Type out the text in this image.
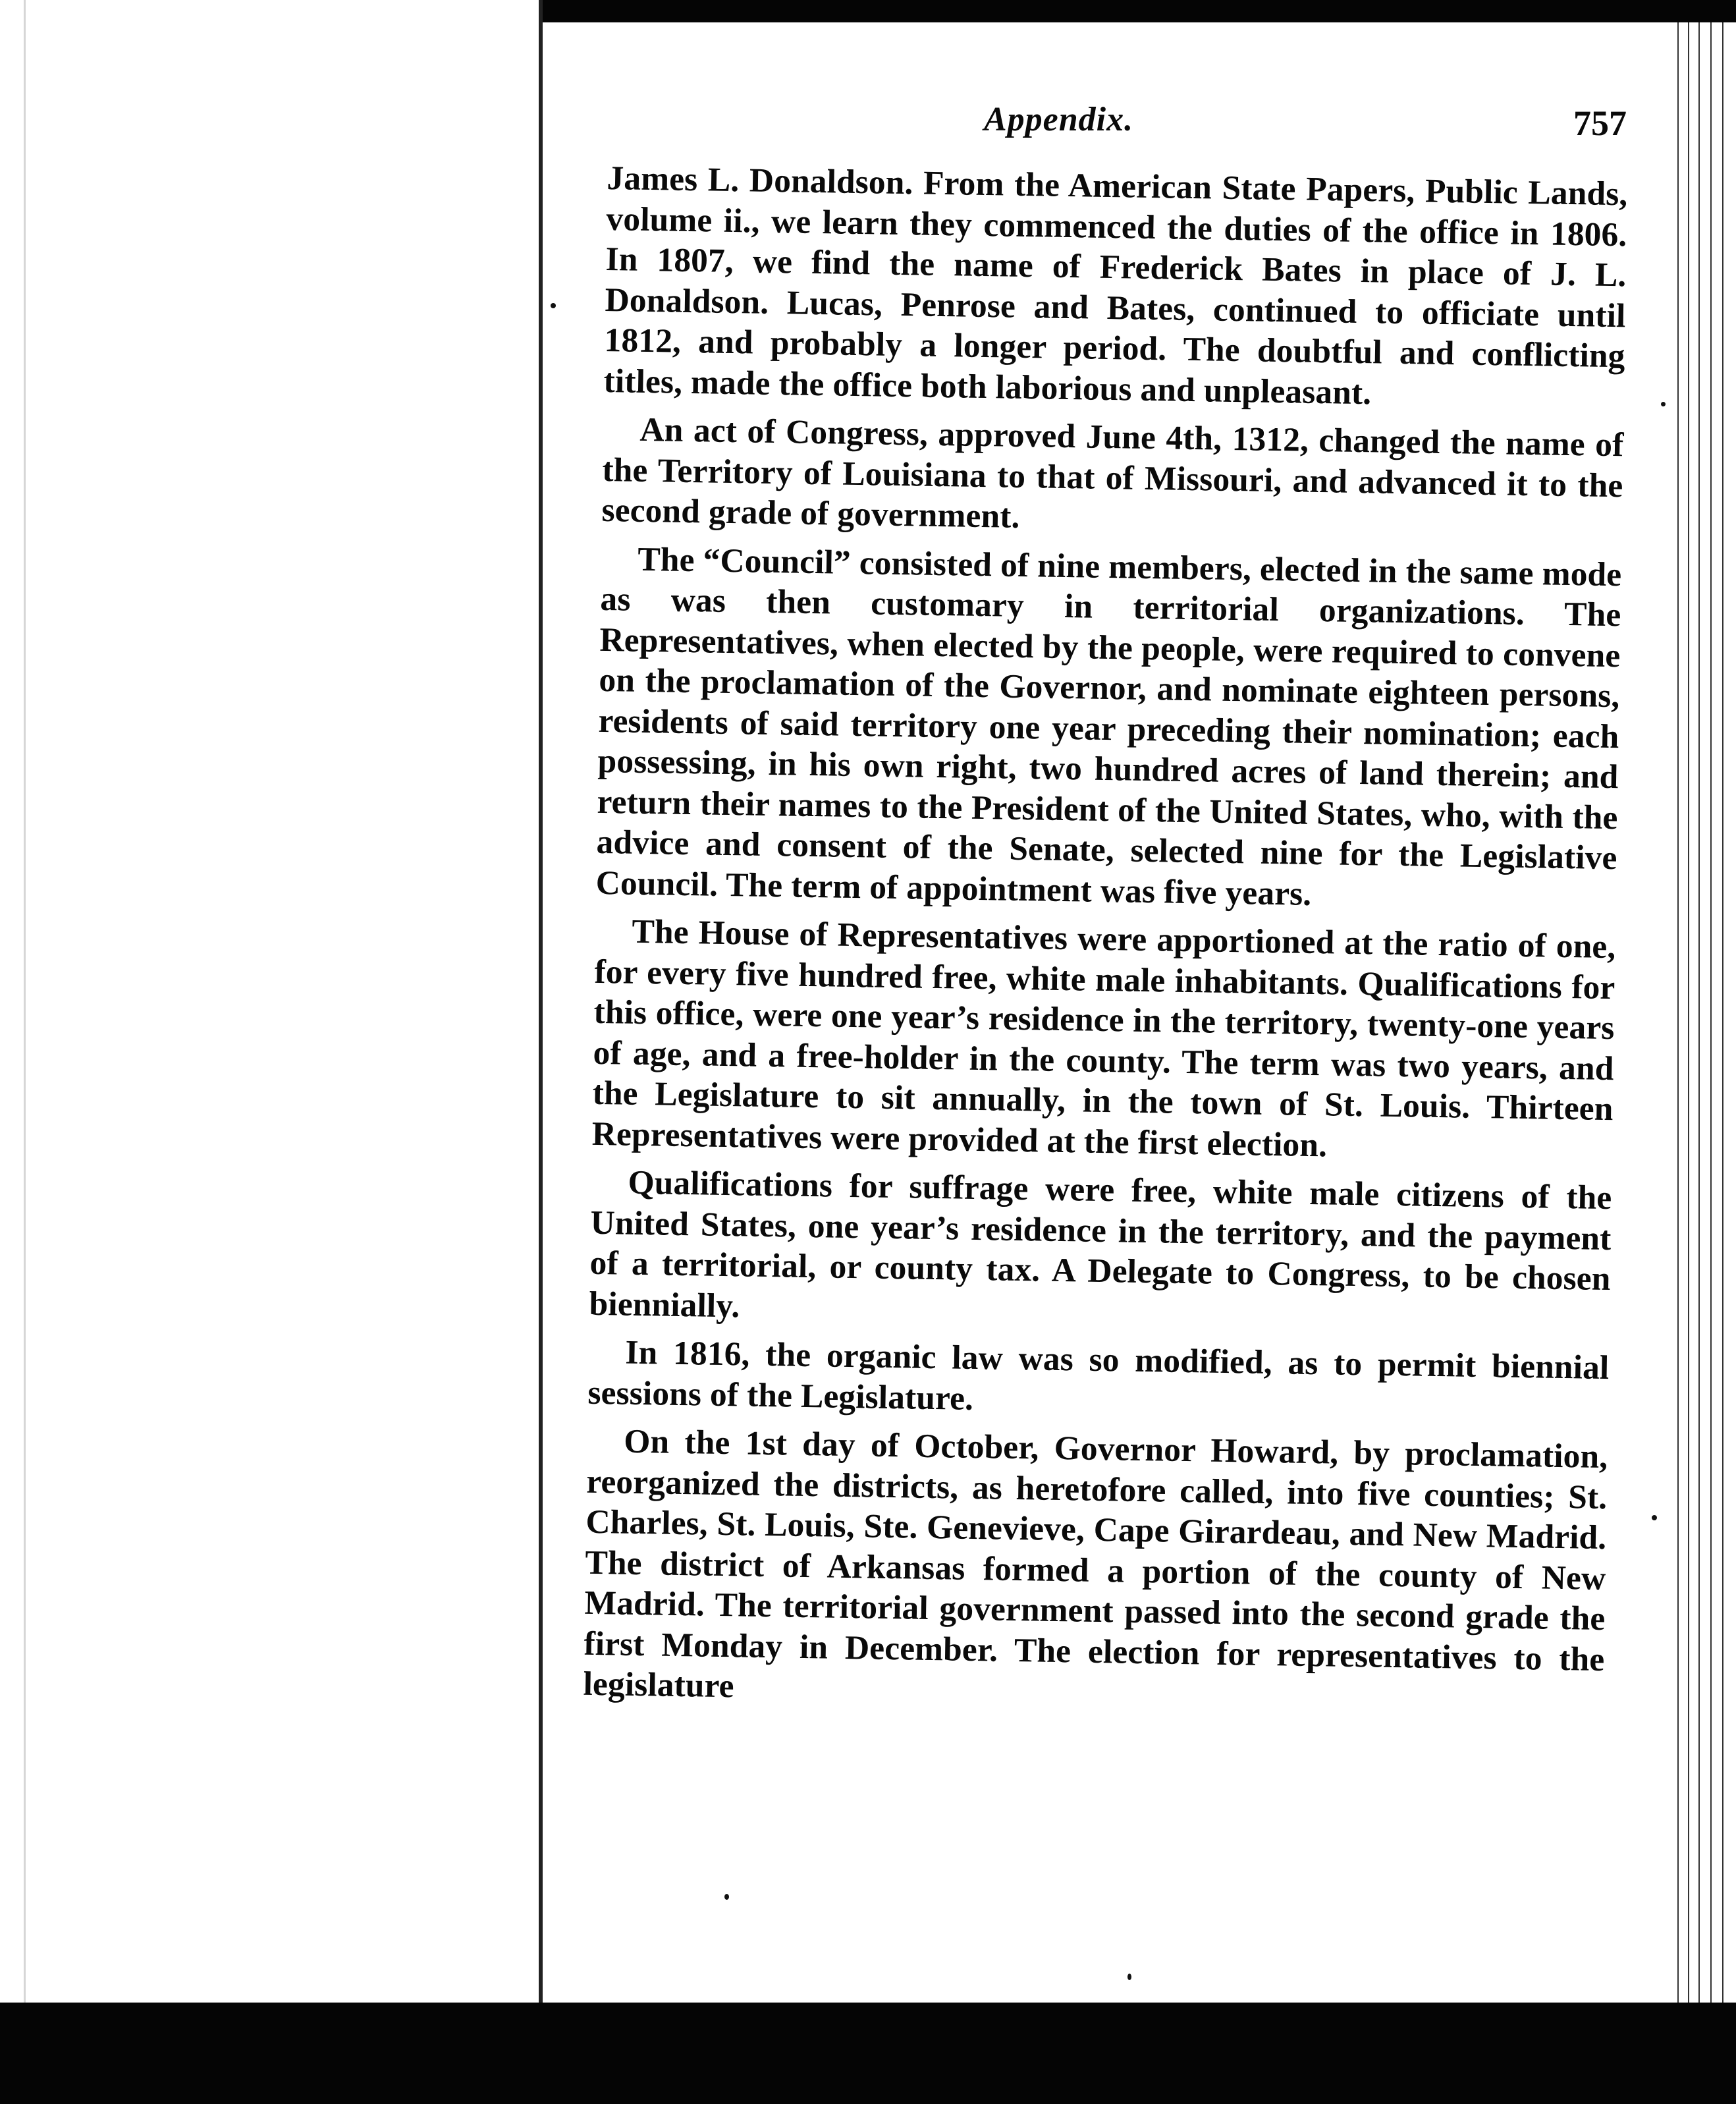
Appendix.	757

James L. Donaldson. From the American State Papers, Public Lands, volume ii., we learn they commenced the duties of the office in 1806. In 1807, we find the name of Frederick Bates in place of J. L. Donaldson. Lucas, Penrose and Bates, continued to officiate until 1812, and probably a longer period. The doubtful and conflicting titles, made the office both laborious and unpleasant.

An act of Congress, approved June 4th, 1312, changed the name of the Territory of Louisiana to that of Missouri, and advanced it to the second grade of government.

The “Council” consisted of nine members, elected in the same mode as was then customary in territorial organizations. The Representatives, when elected by the people, were required to convene on the proclamation of the Governor, and nominate eighteen persons, residents of said territory one year preceding their nomination; each possessing, in his own right, two hundred acres of land therein; and return their names to the President of the United States, who, with the advice and consent of the Senate, selected nine for the Legislative Council. The term of appointment was five years.

The House of Representatives were apportioned at the ratio of one, for every five hundred free, white male inhabitants. Qualifications for this office, were one year’s residence in the territory, twenty-one years of age, and a free-holder in the county. The term was two years, and the Legislature to sit annually, in the town of St. Louis. Thirteen Representatives were provided at the first election.

Qualifications for suffrage were free, white male citizens of the United States, one year’s residence in the territory, and the payment of a territorial, or county tax. A Delegate to Congress, to be chosen biennially.

In 1816, the organic law was so modified, as to permit biennial sessions of the Legislature.

On the 1st day of October, Governor Howard, by proclamation, reorganized the districts, as heretofore called, into five counties; St. Charles, St. Louis, Ste. Genevieve, Cape Girardeau, and New Madrid. The district of Arkansas formed a portion of the county of New Madrid. The territorial government passed into the second grade the first Monday in December. The election for representatives to the legislature
